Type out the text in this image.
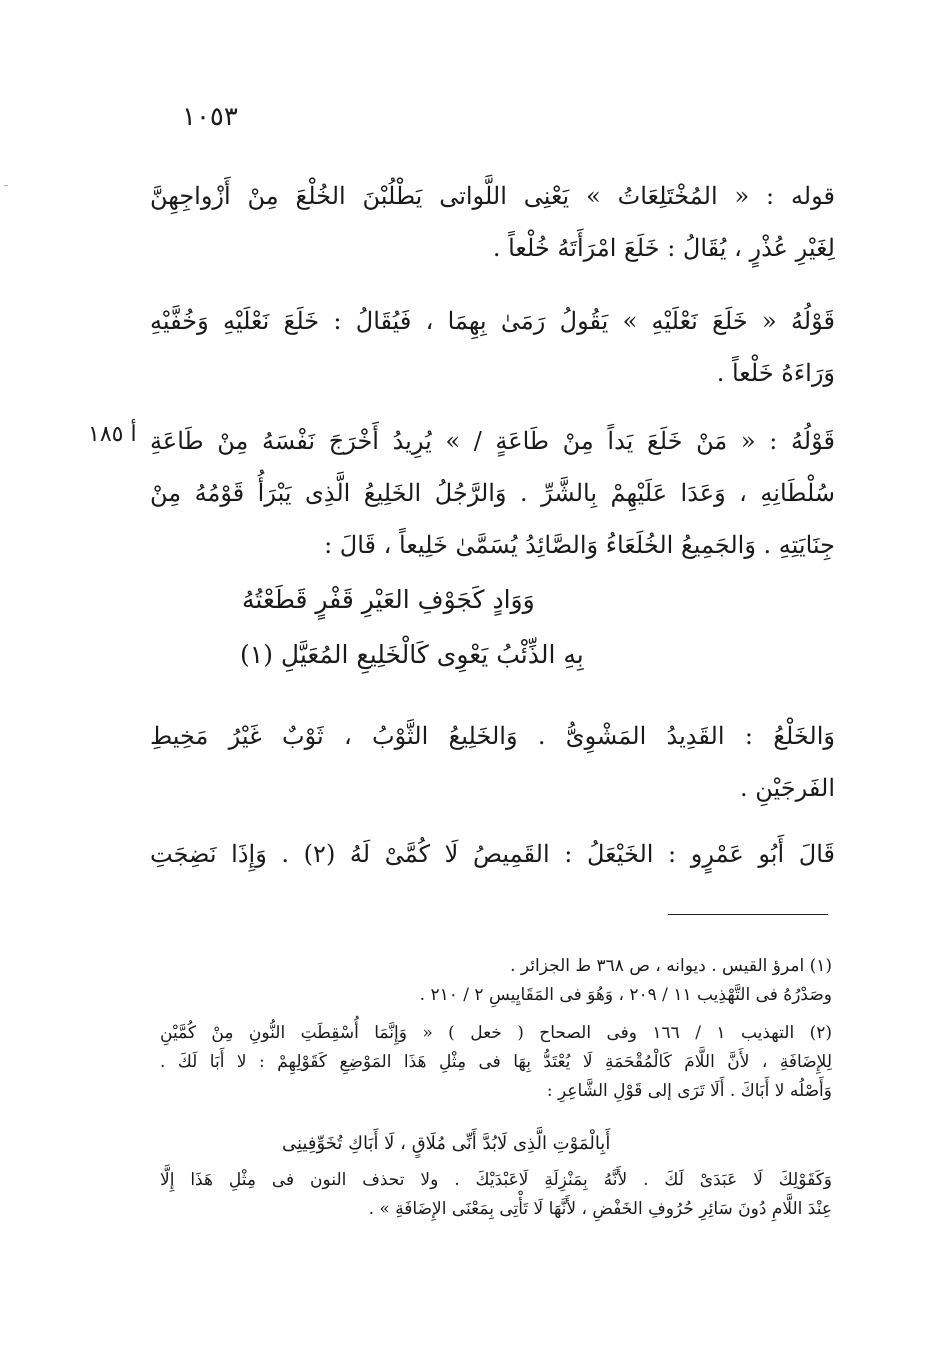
١٠٥٣
قوله : « المُخْتَلِعَاتُ » يَعْنِى اللَّواتى يَطْلُبْنَ الخُلْعَ مِنْ أَزْواجِهِنَّ
لِغَيْرِ عُذْرٍ ، يُقَالُ : خَلَعَ امْرَأَتَهُ خُلْعاً .
قَوْلُهُ « خَلَعَ نَعْلَيْهِ » يَقُولُ رَمَىٰ بِهِمَا ، فَيُقَالُ : خَلَعَ نَعْلَيْهِ وَخُفَّيْهِ
وَرَاءَهُ خَلْعاً .
أ ١٨٥ قَوْلُهُ : « مَنْ خَلَعَ يَداً مِنْ طَاعَةٍ / » يُرِيدُ أَخْرَجَ نَفْسَهُ مِنْ طَاعَةِ
سُلْطَانِهِ ، وَعَدَا عَلَيْهِمْ بِالشَّرِّ . وَالرَّجُلُ الخَلِيعُ الَّذِى يَبْرَأُ قَوْمُهُ مِنْ
جِنَايَتِهِ . وَالجَمِيعُ الخُلَعَاءُ وَالصَّائِدُ يُسَمَّىٰ خَلِيعاً ، قَالَ :
وَوَادٍ كَجَوْفِ العَيْرِ قَفْرٍ قَطَعْتُهُ
بِهِ الذِّئْبُ يَعْوِى كَالْخَلِيعِ المُعَيَّلِ (١)
وَالخَلْعُ : القَدِيدُ المَشْوِىُّ . وَالخَلِيعُ الثَّوْبُ ، ثَوْبٌ غَيْرُ مَخِيطِ
الفَرجَيْنِ .
قَالَ أَبُو عَمْرٍو : الخَيْعَلُ : القَمِيصُ لَا كُمَّىْ لَهُ (٢) . وَإِذَا نَضِجَتِ
(١) امرؤ القيس . ديوانه ، ص ٣٦٨ ط الجزائر .
وصَدْرُهُ فى التَّهْذِيب ١١ / ٢٠٩ ، وَهُوَ فى المَقَايِيسِ ٢ / ٢١٠ .
(٢) التهذيب ١ / ١٦٦ وفى الصحاح ( خعل ) « وَإِنَّمَا أُسْقِطَتِ النُّونِ مِنْ كُمَّيْنِ
لِلإِضَافَةِ ، لأَنَّ اللَّامَ كَالْمُقْحَمَةِ لَا يُعْتَدُّ بِهَا فى مِثْلِ هَذَا المَوْضِعِ كَقَوْلِهِمْ : لا أَبَا لَكَ .
وَأَصْلُه لا أَبَاكَ . أَلَا تَرَى إلى قَوْلِ الشَّاعِرِ :
أَبِالْمَوْتِ الَّذِى لَابُدَّ أَنِّى مُلَاقٍ ، لَا أَبَاكِ تُخَوِّفِينِى
وَكَقَوْلِكَ لَا عَبَدَىْ لَكَ . لأَنَّهُ بِمَنْزِلَةِ لَاعَبْدَيْكَ . ولا تحذف النون فى مِثْلِ هَذَا إِلَّا
عِنْدَ اللَّامِ دُونَ سَائِرِ حُرُوفِ الخَفْضِ ، لأَنَّهَا لَا تَأْتِى بِمَعْنَى الإِضَافَةِ » .
